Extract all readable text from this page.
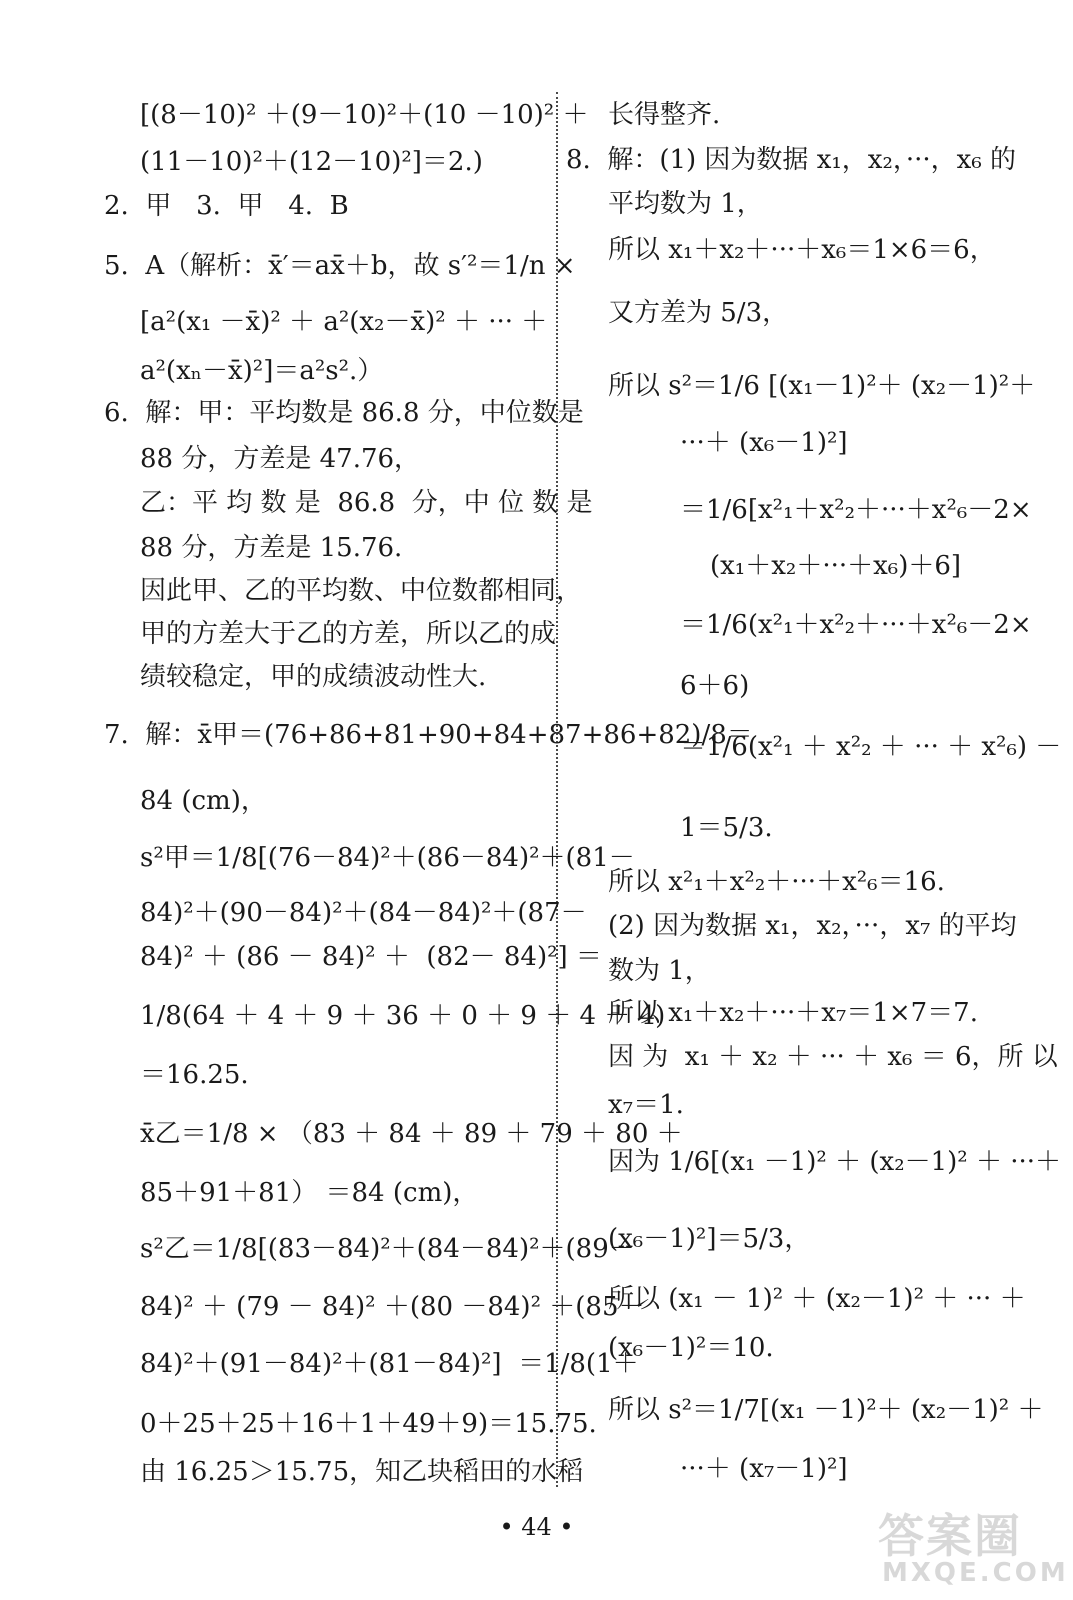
[(8－10)² ＋(9－10)²＋(10 －10)² ＋
(11－10)²＋(12－10)²]＝2.)
2.  甲   3.  甲   4.  B
5.  A（解析：x̄′＝ax̄＋b，故 s′²＝1/n ×
[a²(x₁ －x̄)² ＋ a²(x₂－x̄)² ＋ ··· ＋
a²(xₙ－x̄)²]＝a²s².）
6.  解：甲：平均数是 86.8 分，中位数是
88 分，方差是 47.76，
乙：平 均 数 是  86.8  分，中 位 数 是
88 分，方差是 15.76.
因此甲、乙的平均数、中位数都相同，
甲的方差大于乙的方差，所以乙的成
绩较稳定，甲的成绩波动性大.
7.  解：x̄甲＝(76+86+81+90+84+87+86+82)/8＝
84 (cm)，
s²甲＝1/8[(76－84)²＋(86－84)²＋(81－
84)²＋(90－84)²＋(84－84)²＋(87－
84)² ＋ (86 － 84)² ＋  (82－ 84)²] ＝
1/8(64 ＋ 4 ＋ 9 ＋ 36 ＋ 0 ＋ 9 ＋ 4 ＋ 4)
＝16.25.
x̄乙＝1/8 × （83 ＋ 84 ＋ 89 ＋ 79 ＋ 80 ＋
85＋91＋81） ＝84 (cm)，
s²乙＝1/8[(83－84)²＋(84－84)²＋(89－
84)² ＋ (79 － 84)² ＋(80 －84)² ＋(85－
84)²＋(91－84)²＋(81－84)²]  ＝1/8(1＋
0＋25＋25＋16＋1＋49＋9)＝15.75.
由 16.25＞15.75，知乙块稻田的水稻
长得整齐.
8.  解：(1) 因为数据 x₁，x₂，···，x₆ 的
平均数为 1，
所以 x₁＋x₂＋···＋x₆＝1×6＝6，
又方差为 5/3，
所以 s²＝1/6 [(x₁－1)²＋ (x₂－1)²＋
···＋ (x₆－1)²]
＝1/6[x²₁＋x²₂＋···＋x²₆－2×
(x₁＋x₂＋···＋x₆)＋6]
＝1/6(x²₁＋x²₂＋···＋x²₆－2×
6＋6)
＝1/6(x²₁ ＋ x²₂ ＋ ··· ＋ x²₆) －
1＝5/3.
所以 x²₁＋x²₂＋···＋x²₆＝16.
(2) 因为数据 x₁，x₂，···，x₇ 的平均
数为 1，
所以 x₁＋x₂＋···＋x₇＝1×7＝7.
因 为  x₁ ＋ x₂ ＋ ··· ＋ x₆ ＝ 6，所 以
x₇＝1.
因为 1/6[(x₁ －1)² ＋ (x₂－1)² ＋ ···＋
(x₆－1)²]＝5/3，
所以 (x₁ － 1)² ＋ (x₂－1)² ＋ ··· ＋
(x₆－1)²＝10.
所以 s²＝1/7[(x₁ －1)²＋ (x₂－1)² ＋
···＋ (x₇－1)²]
• 44 •	答案圈
MXQE.COM
